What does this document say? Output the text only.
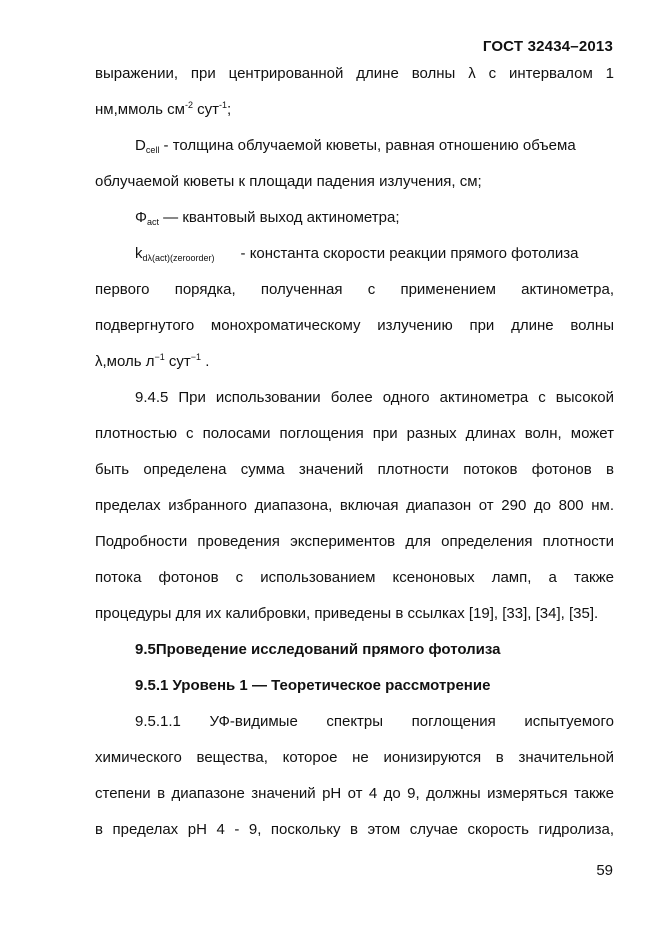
ГОСТ 32434–2013
выражении, при центрированной длине волны λ с интервалом 1
нм,ммоль $см^{-2}$ сут$^{-1}$;
$D_{cell}$ - толщина облучаемой кюветы, равная отношению объема
облучаемой кюветы к площади падения излучения, см;
$\Phi_{act}$ — квантовый выход актинометра;
$k_{d\lambda(act)(zeroorder)}$ - константа скорости реакции прямого фотолиза
первого порядка, полученная с применением актинометра,
подвергнутого монохроматическому излучению при длине волны
λ,моль $л^{-1}$ сут$^{-1}$ .
9.4.5 При использовании более одного актинометра с высокой
плотностью с полосами поглощения при разных длинах волн, может
быть определена сумма значений плотности потоков фотонов в
пределах избранного диапазона, включая диапазон от 290 до 800 нм.
Подробности проведения экспериментов для определения плотности
потока фотонов с использованием ксеноновых ламп, а также
процедуры для их калибровки, приведены в ссылках [19], [33], [34], [35].
9.5Проведение исследований прямого фотолиза
9.5.1 Уровень 1 — Теоретическое рассмотрение
9.5.1.1 УФ-видимые спектры поглощения испытуемого
химического вещества, которое не ионизируются в значительной
степени в диапазоне значений pH от 4 до 9, должны измеряться также
в пределах pH 4 - 9, поскольку в этом случае скорость гидролиза,
59
